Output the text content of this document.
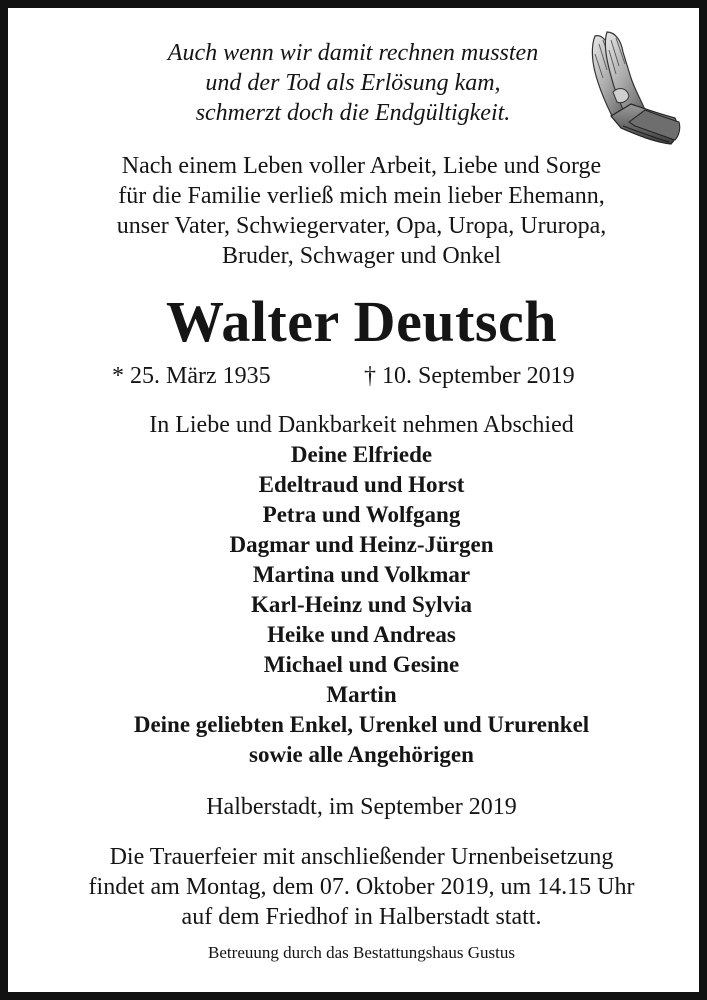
Auch wenn wir damit rechnen mussten
und der Tod als Erlösung kam,
schmerzt doch die Endgültigkeit.
Nach einem Leben voller Arbeit, Liebe und Sorge
für die Familie verließ mich mein lieber Ehemann,
unser Vater, Schwiegervater, Opa, Uropa, Ururopa,
Bruder, Schwager und Onkel
Walter Deutsch
* 25. März 1935	† 10. September 2019
In Liebe und Dankbarkeit nehmen Abschied
Deine Elfriede
Edeltraud und Horst
Petra und Wolfgang
Dagmar und Heinz-Jürgen
Martina und Volkmar
Karl-Heinz und Sylvia
Heike und Andreas
Michael und Gesine
Martin
Deine geliebten Enkel, Urenkel und Ururenkel
sowie alle Angehörigen
Halberstadt, im September 2019
Die Trauerfeier mit anschließender Urnenbeisetzung
findet am Montag, dem 07. Oktober 2019, um 14.15 Uhr
auf dem Friedhof in Halberstadt statt.
Betreuung durch das Bestattungshaus Gustus
